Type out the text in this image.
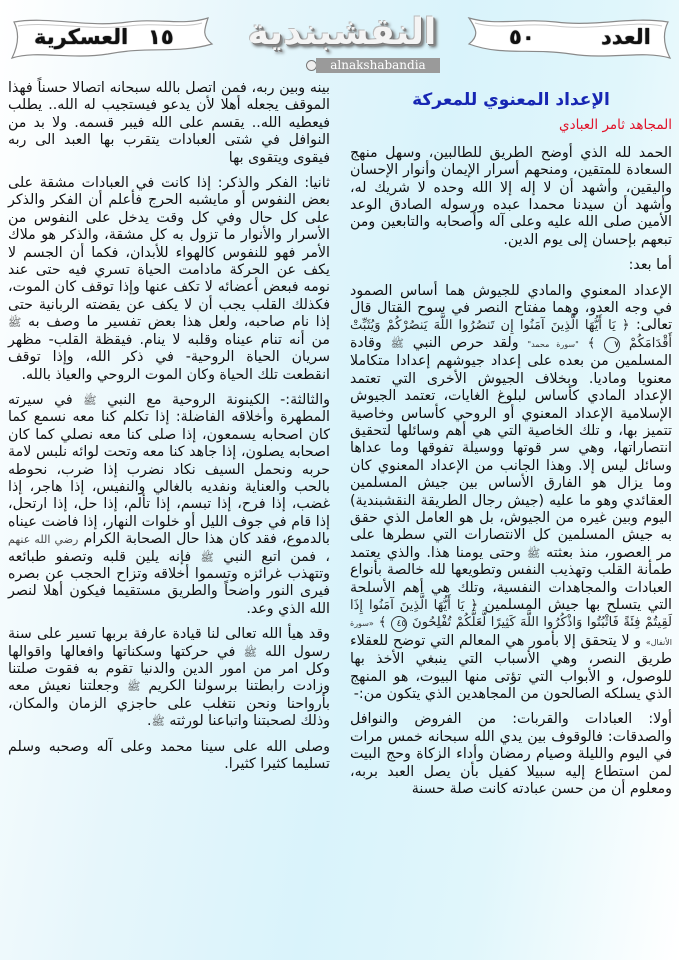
العسكرية ١٥ النقشبندية
alnakshabandia
٥٠	العدد
الإعداد المعنوي للمعركة
المجاهد ثامر العبادي

الحمد لله الذي أوضح الطريق للطالبين، وسهل منهج السعادة للمتقين، ومنحهم أسرار الإيمان وأنوار الإحسان واليقين، وأشهد أن لا إله إلا الله وحده لا شريك له، وأشهد أن سيدنا محمدا عبده ورسوله الصادق الوعد الأمين صلى الله عليه وعلى آله وأصحابه والتابعين ومن تبعهم بإحسان إلى يوم الدين.

أما بعد:

الإعداد المعنوي والمادي للجيوش هما أساس الصمود في وجه العدو، وهما مفتاح النصر في سوح القتال قال تعالى: ﴿ يَا أَيُّهَا الَّذِينَ آمَنُوا إِن تَنصُرُوا اللَّهَ يَنصُرْكُمْ وَيُثَبِّتْ أَقْدَامَكُمْ ٧ ﴾ "سورة محمد" ولقد حرص النبي ﷺ وقادة المسلمين من بعده على إعداد جيوشهم إعدادا متكاملا معنويا وماديا. وبخلاف الجيوش الأخرى التي تعتمد الإعداد المادي كأساس لبلوغ الغايات، تعتمد الجيوش الإسلامية الإعداد المعنوي أو الروحي كأساس وخاصية تتميز بها، و تلك الخاصية التي هي أهم وسائلها لتحقيق انتصاراتها، وهي سر قوتها ووسيلة تفوقها وما عداها وسائل ليس إلا. وهذا الجانب من الإعداد المعنوي كان وما يزال هو الفارق الأساس بين جيش المسلمين العقائدي وهو ما عليه (جيش رجال الطريقة النقشبندية) اليوم وبين غيره من الجيوش، بل هو العامل الذي حقق به جيش المسلمين كل الانتصارات التي سطرها على مر العصور، منذ بعثته ﷺ وحتى يومنا هذا. والذي يعتمد طمأنة القلب وتهذيب النفس وتطويعها لله خالصة بأنواع العبادات والمجاهدات النفسية، وتلك هي أهم الأسلحة التي يتسلح بها جيش المسلمين ﴿ يَا أَيُّهَا الَّذِينَ آمَنُوا إِذَا لَقِيتُمْ فِئَةً فَاثْبُتُوا وَاذْكُرُوا اللَّهَ كَثِيرًا لَّعَلَّكُمْ تُفْلِحُونَ ٤٥ ﴾ «سورة الأنفال» و لا يتحقق إلا بأمور هي المعالم التي توضح للعقلاء طريق النصر، وهي الأسباب التي ينبغي الأخذ بها للوصول، و الأبواب التي تؤتى منها البيوت، هو المنهج الذي يسلكه الصالحون من المجاهدين الذي يتكون من:-

أولا: العبادات والقربات: من الفروض والنوافل والصدقات: فالوقوف بين يدي الله سبحانه خمس مرات في اليوم والليلة وصيام رمضان وأداء الزكاة وحج البيت لمن استطاع إليه سبيلا كفيل بأن يصل العبد بربه، ومعلوم أن من حسن عبادته كانت صلة حسنة

بينه وبين ربه، فمن اتصل بالله سبحانه اتصالا حسناً فهذا الموقف يجعله أهلا لأن يدعو فيستجيب له الله.. يطلب فيعطيه الله.. يقسم على الله فيبر قسمه. ولا بد من النوافل في شتى العبادات يتقرب بها العبد الى ربه فيقوى ويتقوى بها

ثانيا: الفكر والذكر: إذا كانت في العبادات مشقة على بعض النفوس أو مايشبه الحرج فأعلم أن الفكر والذكر على كل حال وفي كل وقت يدخل على النفوس من الأسرار والأنوار ما تزول به كل مشقة، والذكر هو ملاك الأمر فهو للنفوس كالهواء للأبدان، فكما أن الجسم لا يكف عن الحركة مادامت الحياة تسري فيه حتى عند نومه فبعض أعضائه لا تكف عنها وإذا توقف كان الموت، فكذلك القلب يجب أن لا يكف عن يقضته الربانية حتى إذا نام صاحبه، ولعل هذا بعض تفسير ما وصف به ﷺ من أنه تنام عيناه وقلبه لا ينام. فيقظة القلب- مظهر سريان الحياة الروحية- في ذكر الله، وإذا توقف انقطعت تلك الحياة وكان الموت الروحي والعياذ بالله.

والثالثة:- الكينونة الروحية مع النبي ﷺ في سيرته المطهرة وأخلاقه الفاضلة: إذا تكلم كنا معه نسمع كما كان اصحابه يسمعون، إذا صلى كنا معه نصلي كما كان اصحابه يصلون، إذا جاهد كنا معه وتحت لوائه نلبس لامة حربه ونحمل السيف نكاد نضرب إذا ضرب، نحوطه بالحب والعناية ونفديه بالغالي والنفيس، إذا هاجر، إذا غضب، إذا فرح، إذا تبسم، إذا تألم، إذا حل، إذا ارتحل، إذا قام في جوف الليل أو خلوات النهار، إذا فاضت عيناه بالدموع، فقد كان هذا حال الصحابة الكرام رضي الله عنهم ، فمن اتبع النبي ﷺ فإنه يلين قلبه وتصفو طبائعه وتتهذب غرائزه وتسموا أخلاقه وتزاح الحجب عن بصره فيرى النور واضحاً والطريق مستقيما فيكون أهلا لنصر الله الذي وعد.

وقد هيأ الله تعالى لنا قيادة عارفة بربها تسير على سنة رسول الله ﷺ في حركتها وسكناتها وافعالها واقوالها وكل امر من امور الدين والدنيا تقوم به فقوت صلتنا وزادت رابطتنا برسولنا الكريم ﷺ وجعلتنا نعيش معه بأرواحنا ونحن نتغلب على حاجزي الزمان والمكان، وذلك لصحبتنا واتباعنا لورثته ﷺ.

وصلى الله على سينا محمد وعلى آله وصحبه وسلم تسليما كثيرا كثيرا.
